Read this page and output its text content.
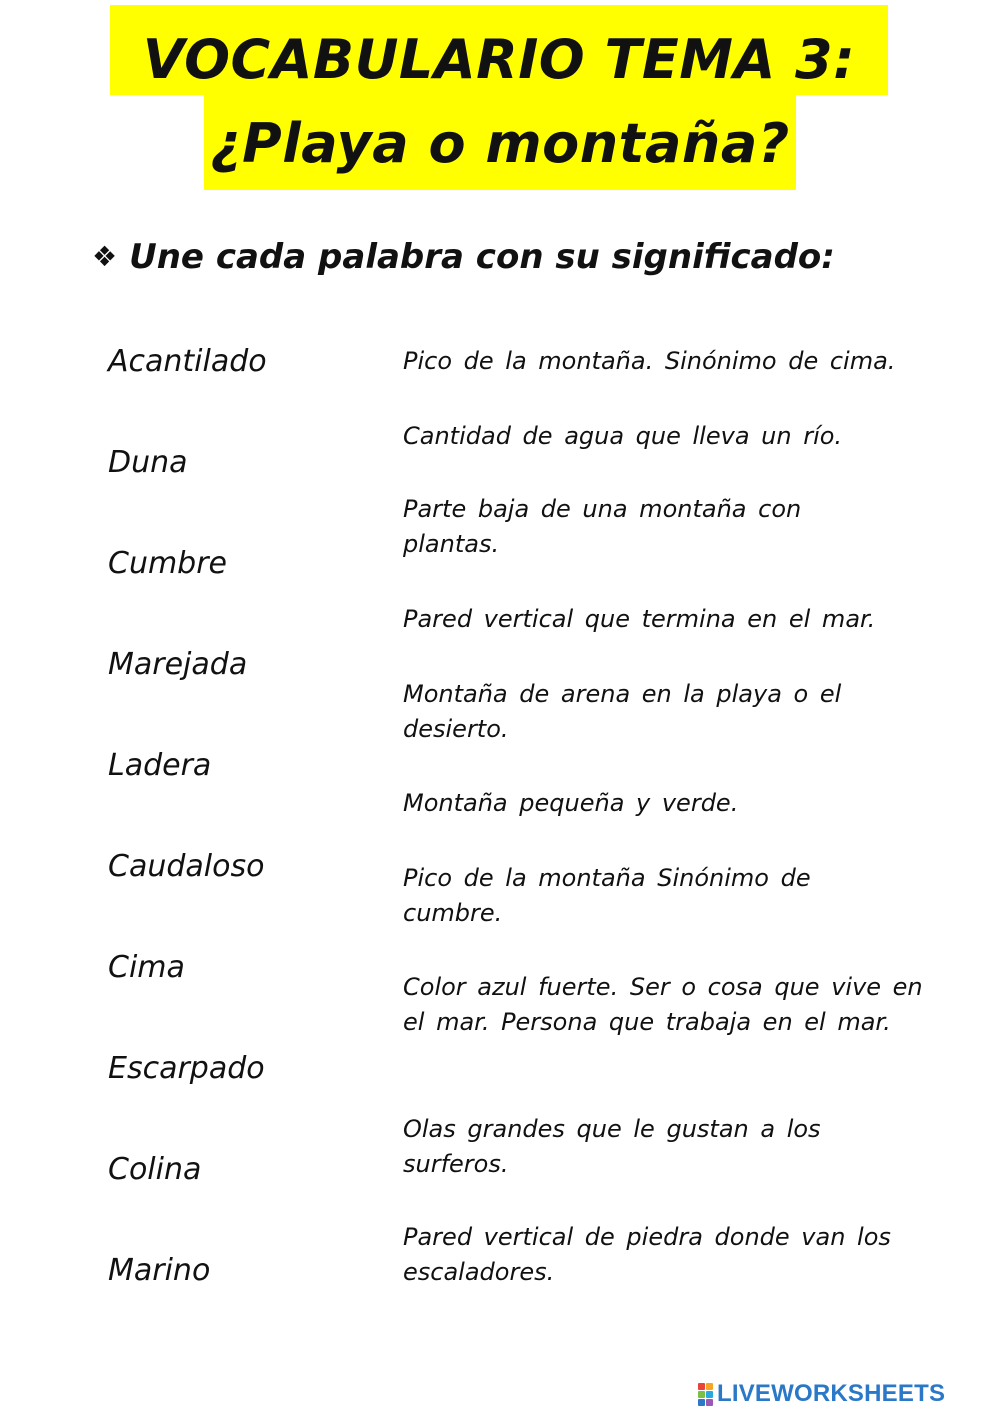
VOCABULARIO TEMA 3:
¿Playa o montaña?
❖ Une cada palabra con su significado:
Acantilado
Duna
Cumbre
Marejada
Ladera
Caudaloso
Cima
Escarpado
Colina
Marino
Pico de la montaña. Sinónimo de cima.
Cantidad de agua que lleva un río.
Parte baja de una montaña con plantas.
Pared vertical que termina en el mar.
Montaña de arena en la playa o el desierto.
Montaña pequeña y verde.
Pico de la montaña Sinónimo de cumbre.
Color azul fuerte. Ser o cosa que vive en el mar. Persona que trabaja en el mar.
Olas grandes que le gustan a los surferos.
Pared vertical de piedra donde van los escaladores.
LIVEWORKSHEETS
